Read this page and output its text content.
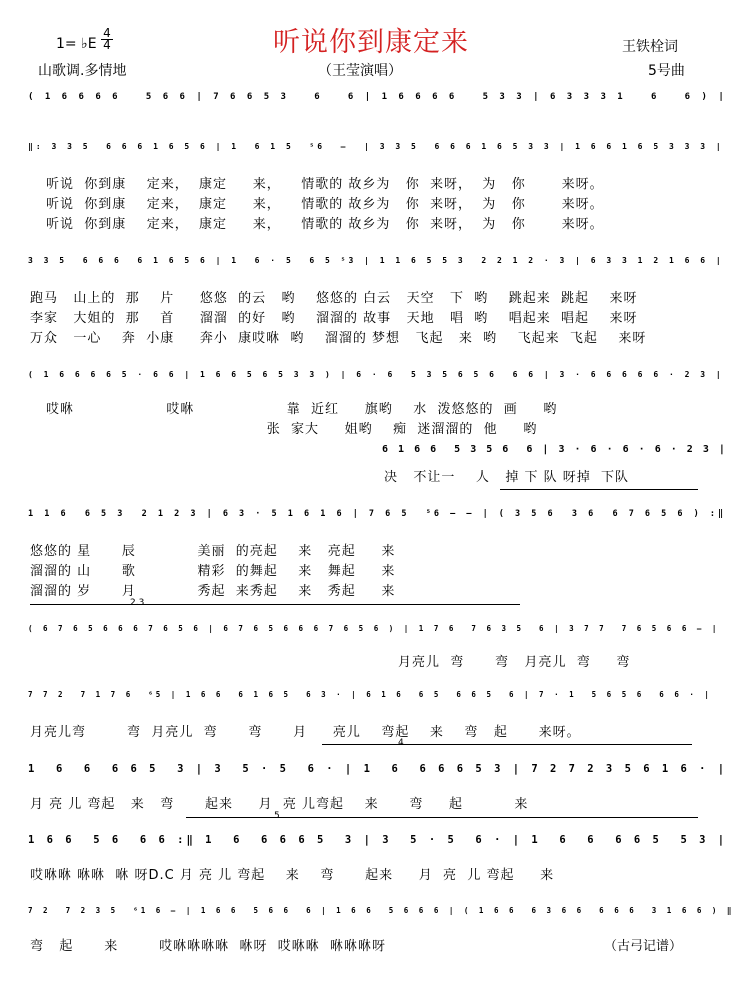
听说你到康定来
1= ♭E
4
4
山歌调.多情地	（王莹演唱）
王铁栓词
5号曲
( 1 6 6 6 6   5 6 6 | 7 6 6 5 3   6   6 | 1 6 6 6 6   5 3 3 | 6 3 3 3 1   6   6 ) |
‖: 3 3 5  6 6 6 1 6 5 6 | 1  6 1 5  ⁵6  –  | 3 3 5  6 6 6 1 6 5 3 3 | 1 6 6 1 6 5 3 3 3 |
听说  你到康    定来，  康定     来，    情歌的 故乡为   你  来呀，  为   你       来呀。
听说  你到康    定来，  康定     来，    情歌的 故乡为   你  来呀，  为   你       来呀。
听说  你到康    定来，  康定     来，    情歌的 故乡为   你  来呀，  为   你       来呀。
3 3 5  6 6 6  6 1 6 5 6 | 1  6 · 5  6 5 ⁵3 | 1 1 6 5 5 3  2 2 1 2 · 3 | 6 3 3 1 2 1 6 6 |
跑马   山上的  那    片     悠悠  的云   哟    悠悠的 白云   天空   下  哟    跳起来  跳起    来呀
李家   大姐的  那    首     溜溜  的好   哟    溜溜的 故事   天地   唱  哟    唱起来  唱起    来呀
万众   一心    奔  小康     奔小  康哎咻  哟    溜溜的 梦想   飞起   来  哟    飞起来  飞起    来呀
( 1 6 6 6 6 5 · 6 6 | 1 6 6 5 6 5 3 3 ) | 6 · 6  5 3 5 6 5 6  6 6 | 3 · 6 6 6 6 6 · 2 3 |
哎咻                  哎咻                  靠  近红     旗哟    水  泼悠悠的  画     哟
张  家大     姐哟    痴  迷溜溜的  他     哟
6 1 6 6  5 3 5 6  6 | 3 · 6 · 6 · 6 · 2 3 |
决   不让一    人   掉 下 队 呀掉  下队
1 1 6  6 5 3  2 1 2 3 | 6 3 · 5 1 6 1 6 | 7 6 5  ⁵6 – – | ( 3 5 6  3 6  6 7 6 5 6 ) :‖
悠悠的 星      辰            美丽  的亮起    来   亮起     来
溜溜的 山      歌            精彩  的舞起    来   舞起     来
溜溜的 岁      月            秀起  来秀起    来   秀起     来
2.3
( 6 7 6 5 6 6 6 7 6 5 6 | 6 7 6 5 6 6 6 7 6 5 6 ) | 1 7 6  7 6 3 5  6 | 3 7 7  7 6 5 6 6 – |
月亮儿  弯      弯   月亮儿  弯     弯
7 7 2  7 1 7 6  ⁶5 | 1 6 6  6 1 6 5  6 3 · | 6 1 6  6 5  6 6 5  6 | 7 · 1  5 6 5 6  6 6 · |
月亮儿弯        弯  月亮儿  弯      弯      月     亮儿    弯起    来    弯   起      来呀。
4
1  6  6  6 6 5  3 | 3  5 · 5  6 · | 1  6  6 6 6 5 3 | 7 2 7 2 3 5 6 1 6 · |
月 亮 儿 弯起   来   弯      起来     月  亮 儿弯起    来      弯     起          来
5
1 6 6  5 6  6 6 :‖ 1  6  6 6 6 5  3 | 3  5 · 5  6 · | 1  6  6  6 6 5  5 3 |
哎咻咻 咻咻  咻 呀D.C 月 亮 儿 弯起    来    弯      起来     月  亮  儿 弯起     来
7 2  7 2 3 5  ⁶1 6 – | 1 6 6  5 6 6  6 | 1 6 6  5 6 6 6 | ( 1 6 6  6 3 6 6  6 6 6  3 1 6 6 ) ‖
弯   起      来        哎咻咻咻咻  咻呀  哎咻咻  咻咻咻呀	（古弓记谱）
